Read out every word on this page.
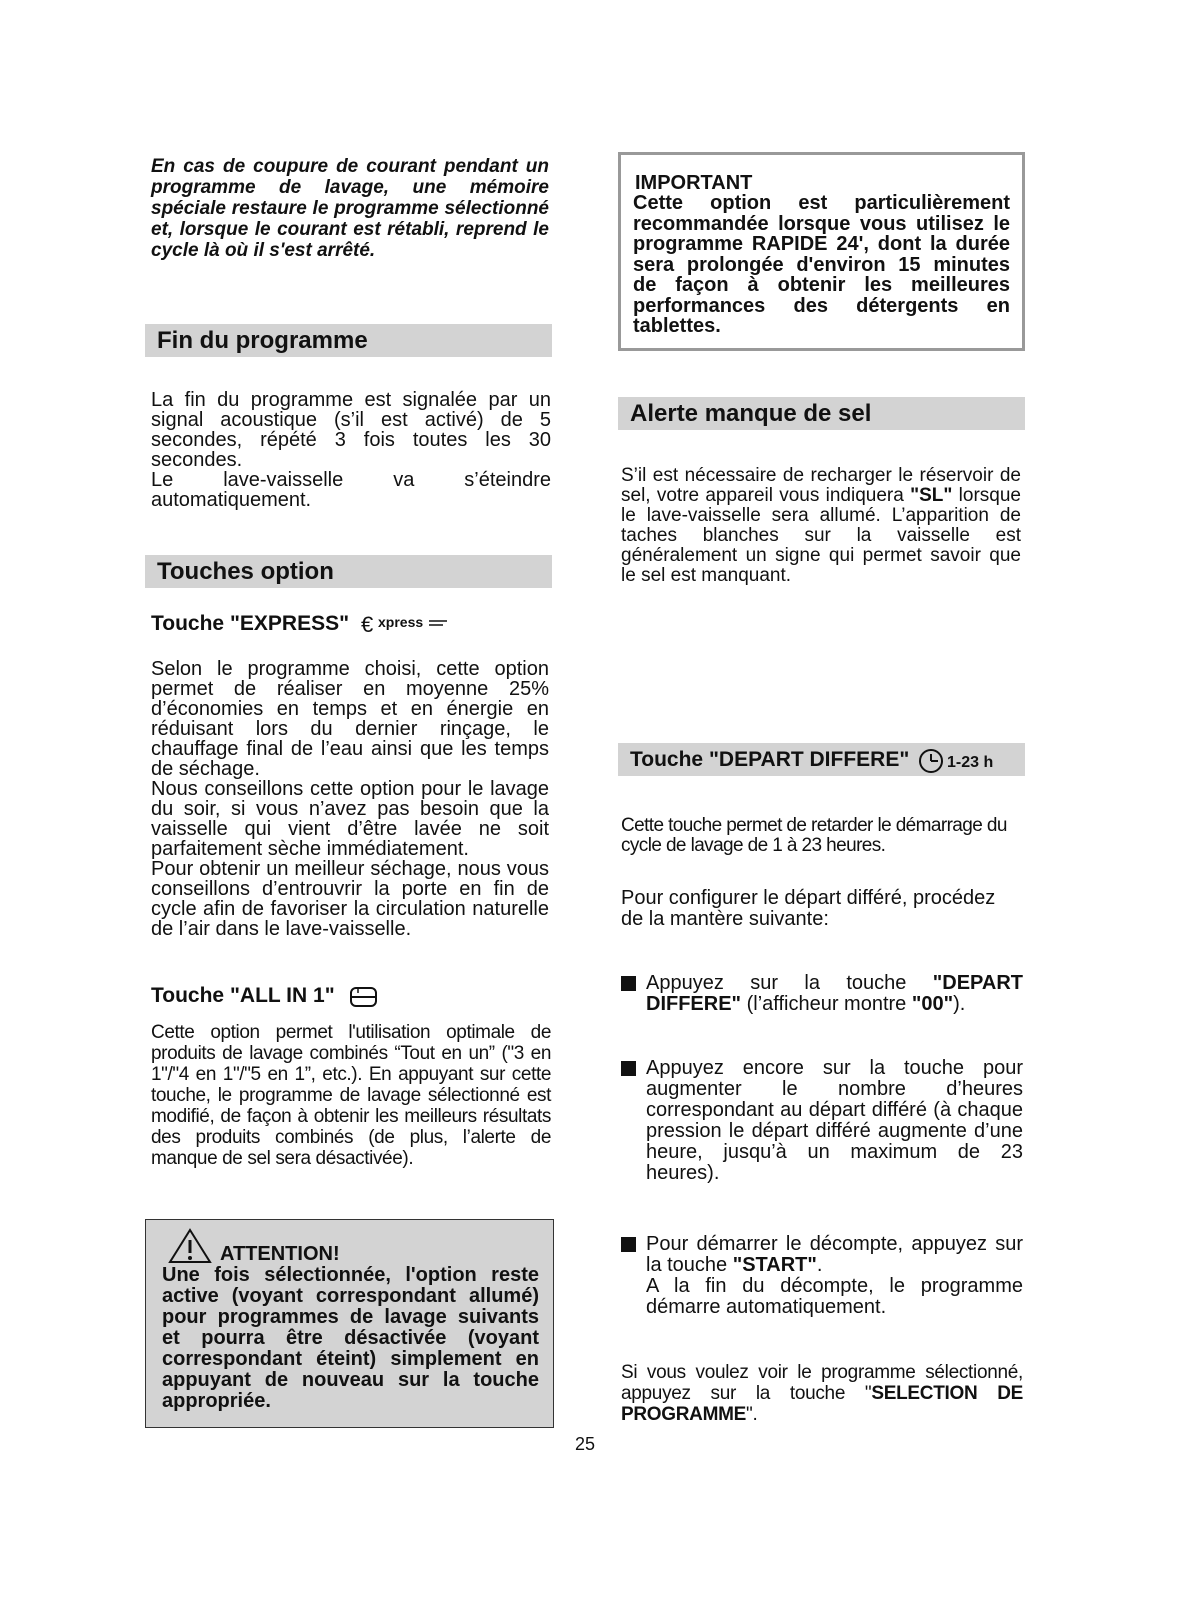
En cas de coupure de courant pendant un programme de lavage, une mémoire spéciale restaure le programme sélectionné et, lorsque le courant est rétabli, reprend le cycle là où il s'est arrêté.
Fin du programme
La fin du programme est signalée par un signal acoustique (s’il est activé) de 5 secondes, répété 3 fois toutes les 30 secondes.
Le lave-vaisselle va s’éteindre automatiquement.
Touches option
Touche "EXPRESS" € xpress
Selon le programme choisi, cette option permet de réaliser en moyenne 25% d’économies en temps et en énergie en réduisant lors du dernier rinçage, le chauffage final de l’eau ainsi que les temps de séchage.
Nous conseillons cette option pour le lavage du soir, si vous n’avez pas besoin que la vaisselle qui vient d’être lavée ne soit parfaitement sèche immédiatement.
Pour obtenir un meilleur séchage, nous vous conseillons d’entrouvrir la porte en fin de cycle afin de favoriser la circulation naturelle de l’air dans le lave-vaisselle.
Touche "ALL IN 1"
Cette option permet l'utilisation optimale de produits de lavage combinés “Tout en un” ("3 en 1"/"4 en 1"/"5 en 1”, etc.). En appuyant sur cette touche, le programme de lavage sélectionné est modifié, de façon à obtenir les meilleurs résultats des produits combinés (de plus, l’alerte de manque de sel sera désactivée).
ATTENTION!
Une fois sélectionnée, l'option reste active (voyant correspondant allumé) pour programmes de lavage suivants et pourra être désactivée (voyant correspondant éteint) simplement en appuyant de nouveau sur la touche appropriée.
IMPORTANT
Cette option est particulièrement recommandée lorsque vous utilisez le programme RAPIDE 24', dont la durée sera prolongée d'environ 15 minutes de façon à obtenir les meilleures performances des détergents en tablettes.
Alerte manque de sel
S’il est nécessaire de recharger le réservoir de sel, votre appareil vous indiquera "SL" lorsque le lave-vaisselle sera allumé. L’apparition de taches blanches sur la vaisselle est généralement un signe qui permet savoir que le sel est manquant.
Touche "DEPART DIFFERE" 1-23 h
Cette touche permet de retarder le démarrage du cycle de lavage de 1 à 23 heures.
Pour configurer le départ différé, procédez de la mantère suivante:
Appuyez sur la touche "DEPART DIFFERE" (l’afficheur montre "00").
Appuyez encore sur la touche pour augmenter le nombre d’heures correspondant au départ différé (à chaque pression le départ différé augmente d’une heure, jusqu’à un maximum de 23 heures).
Pour démarrer le décompte, appuyez sur la touche "START".
A la fin du décompte, le programme démarre automatiquement.
Si vous voulez voir le programme sélectionné, appuyez sur la touche "SELECTION DE PROGRAMME".
25
